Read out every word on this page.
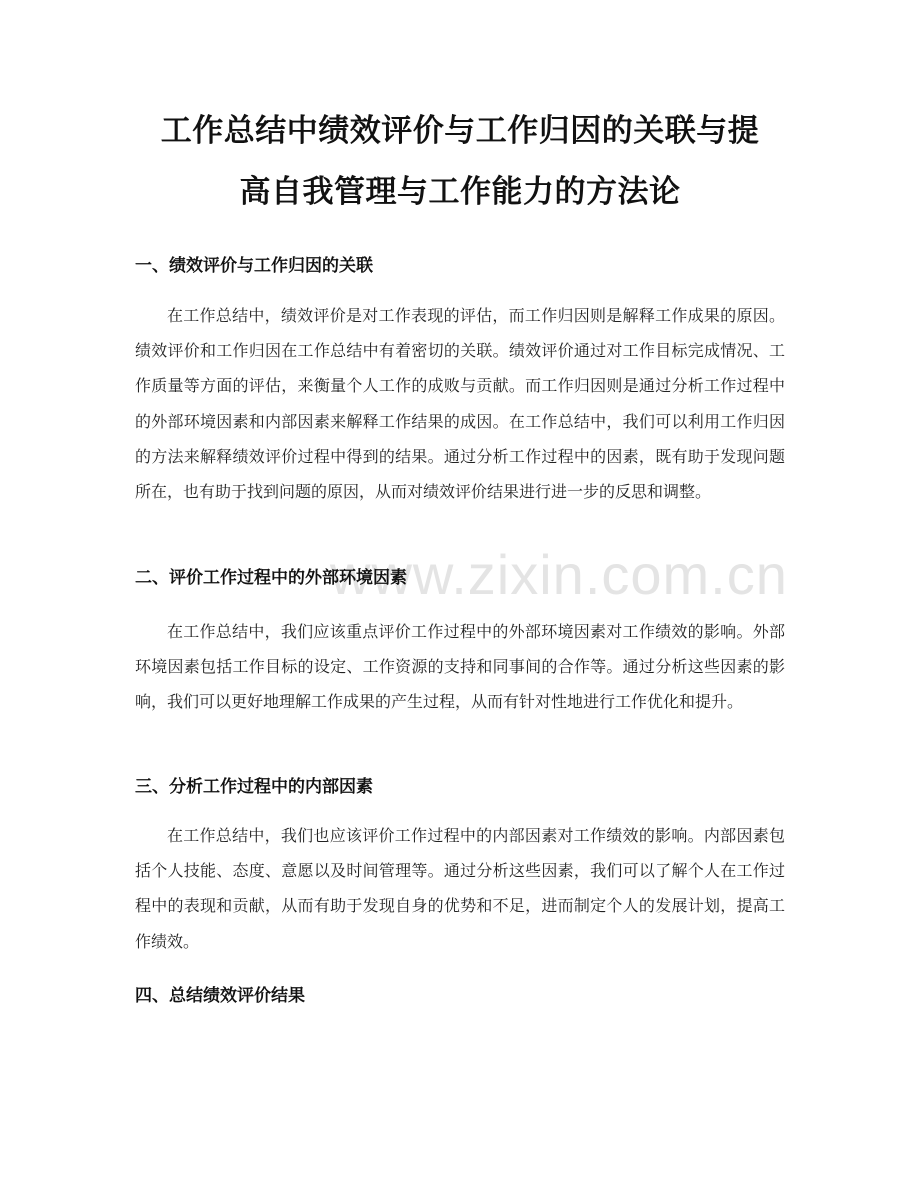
www.zixin.com.cn
工作总结中绩效评价与工作归因的关联与提
高自我管理与工作能力的方法论
一、绩效评价与工作归因的关联

在工作总结中，绩效评价是对工作表现的评估，而工作归因则是解释工作成果的原因。绩效评价和工作归因在工作总结中有着密切的关联。绩效评价通过对工作目标完成情况、工作质量等方面的评估，来衡量个人工作的成败与贡献。而工作归因则是通过分析工作过程中的外部环境因素和内部因素来解释工作结果的成因。在工作总结中，我们可以利用工作归因的方法来解释绩效评价过程中得到的结果。通过分析工作过程中的因素，既有助于发现问题所在，也有助于找到问题的原因，从而对绩效评价结果进行进一步的反思和调整。

二、评价工作过程中的外部环境因素

在工作总结中，我们应该重点评价工作过程中的外部环境因素对工作绩效的影响。外部环境因素包括工作目标的设定、工作资源的支持和同事间的合作等。通过分析这些因素的影响，我们可以更好地理解工作成果的产生过程，从而有针对性地进行工作优化和提升。

三、分析工作过程中的内部因素

在工作总结中，我们也应该评价工作过程中的内部因素对工作绩效的影响。内部因素包括个人技能、态度、意愿以及时间管理等。通过分析这些因素，我们可以了解个人在工作过程中的表现和贡献，从而有助于发现自身的优势和不足，进而制定个人的发展计划，提高工作绩效。

四、总结绩效评价结果
